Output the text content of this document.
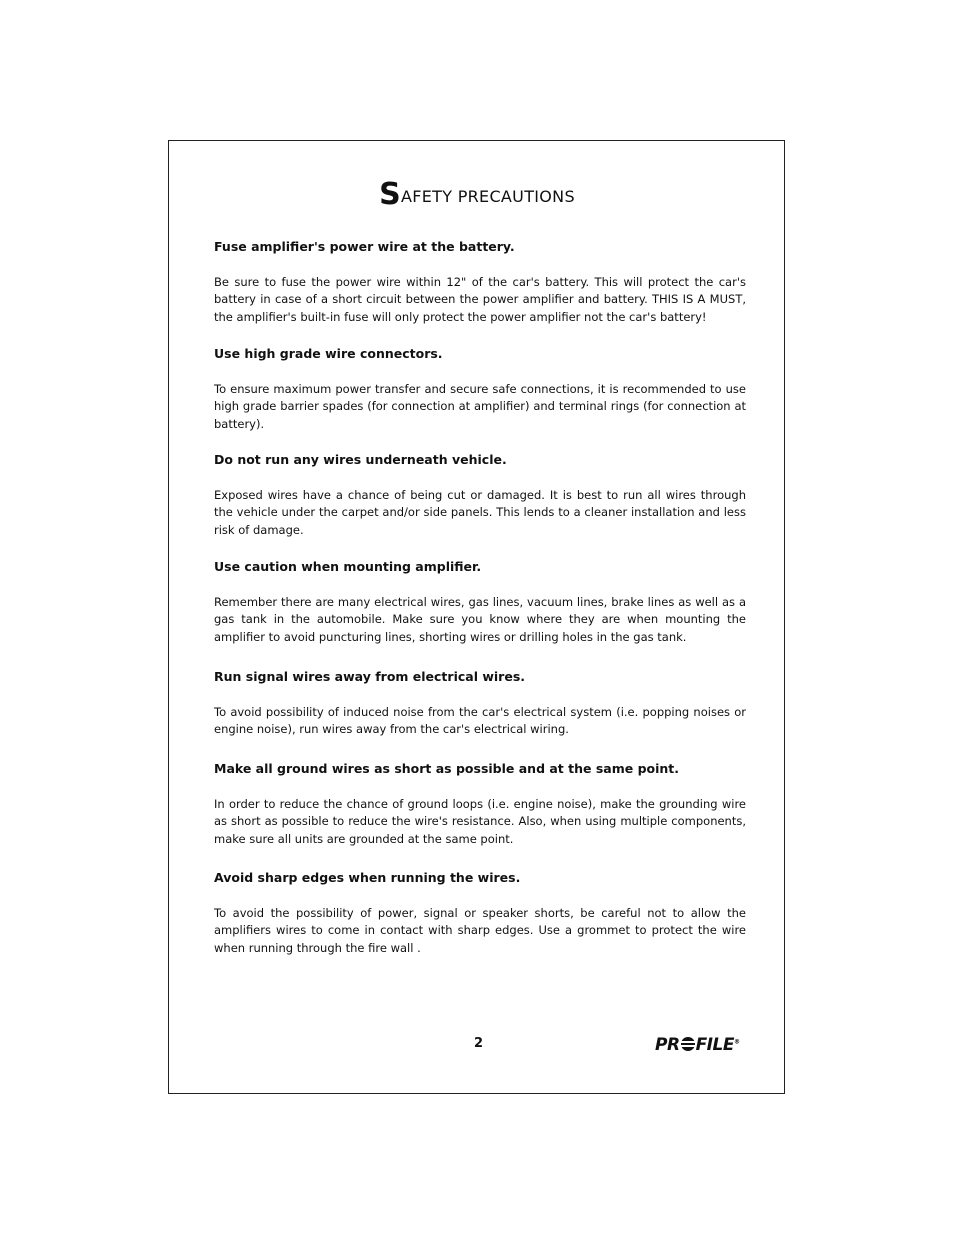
SAFETY PRECAUTIONS

Fuse amplifier's power wire at the battery.

Be sure to fuse the power wire within 12" of the car's battery. This will protect the car's battery in case of a short circuit between the power amplifier and battery. THIS IS A MUST, the amplifier's built-in fuse will only protect the power amplifier not the car's battery!

Use high grade wire connectors.

To ensure maximum power transfer and secure safe connections, it is recommended to use high grade barrier spades (for connection at amplifier) and terminal rings (for connection at battery).

Do not run any wires underneath vehicle.

Exposed wires have a chance of being cut or damaged. It is best to run all wires through the vehicle under the carpet and/or side panels. This lends to a cleaner installation and less risk of damage.

Use caution when mounting amplifier.

Remember there are many electrical wires, gas lines, vacuum lines, brake lines as well as a gas tank in the automobile. Make sure you know where they are when mounting the amplifier to avoid puncturing lines, shorting wires or drilling holes in the gas tank.

Run signal wires away from electrical wires.

To avoid possibility of induced noise from the car's electrical system (i.e. popping noises or engine noise), run wires away from the car's electrical wiring.

Make all ground wires as short as possible and at the same point.

In order to reduce the chance of ground loops (i.e. engine noise), make the grounding wire as short as possible to reduce the wire's resistance. Also, when using multiple components, make sure all units are grounded at the same point.

Avoid sharp edges when running the wires.

To avoid the possibility of power, signal or speaker shorts, be careful not to allow the amplifiers wires to come in contact with sharp edges. Use a grommet to protect the wire when running through the fire wall .

2	PR FILE®
